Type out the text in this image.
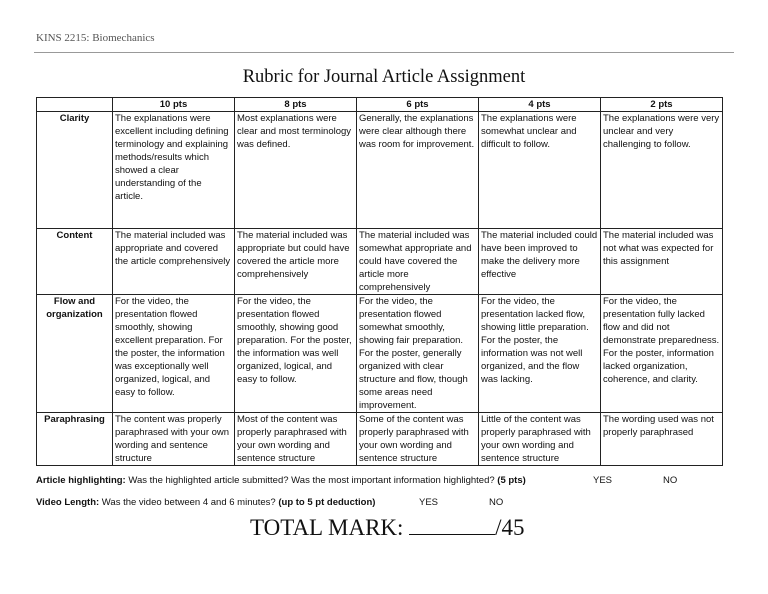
KINS 2215: Biomechanics
Rubric for Journal Article Assignment
	10 pts	8 pts	6 pts	4 pts	2 pts
Clarity	The explanations were excellent including defining terminology and explaining methods/results which showed a clear understanding of the article.	Most explanations were clear and most terminology was defined.	Generally, the explanations were clear although there was room for improvement.	The explanations were somewhat unclear and difficult to follow.	The explanations were very unclear and very challenging to follow.
Content	The material included was appropriate and covered the article comprehensively	The material included was appropriate but could have covered the article more comprehensively	The material included was somewhat appropriate and could have covered the article more comprehensively	The material included could have been improved to make the delivery more effective	The material included was not what was expected for this assignment
Flow and organization	For the video, the presentation flowed smoothly, showing excellent preparation. For the poster, the information was exceptionally well organized, logical, and easy to follow.	For the video, the presentation flowed smoothly, showing good preparation. For the poster, the information was well organized, logical, and easy to follow.	For the video, the presentation flowed somewhat smoothly, showing fair preparation. For the poster, generally organized with clear structure and flow, though some areas need improvement.	For the video, the presentation lacked flow, showing little preparation. For the poster, the information was not well organized, and the flow was lacking.	For the video, the presentation fully lacked flow and did not demonstrate preparedness. For the poster, information lacked organization, coherence, and clarity.
Paraphrasing	The content was properly paraphrased with your own wording and sentence structure	Most of the content was properly paraphrased with your own wording and sentence structure	Some of the content was properly paraphrased with your own wording and sentence structure	Little of the content was properly paraphrased with your own wording and sentence structure	The wording used was not properly paraphrased
Article highlighting: Was the highlighted article submitted? Was the most important information highlighted? (5 pts)	YES	NO
Video Length: Was the video between 4 and 6 minutes? (up to 5 pt deduction)	YES	NO
TOTAL MARK:	/45
